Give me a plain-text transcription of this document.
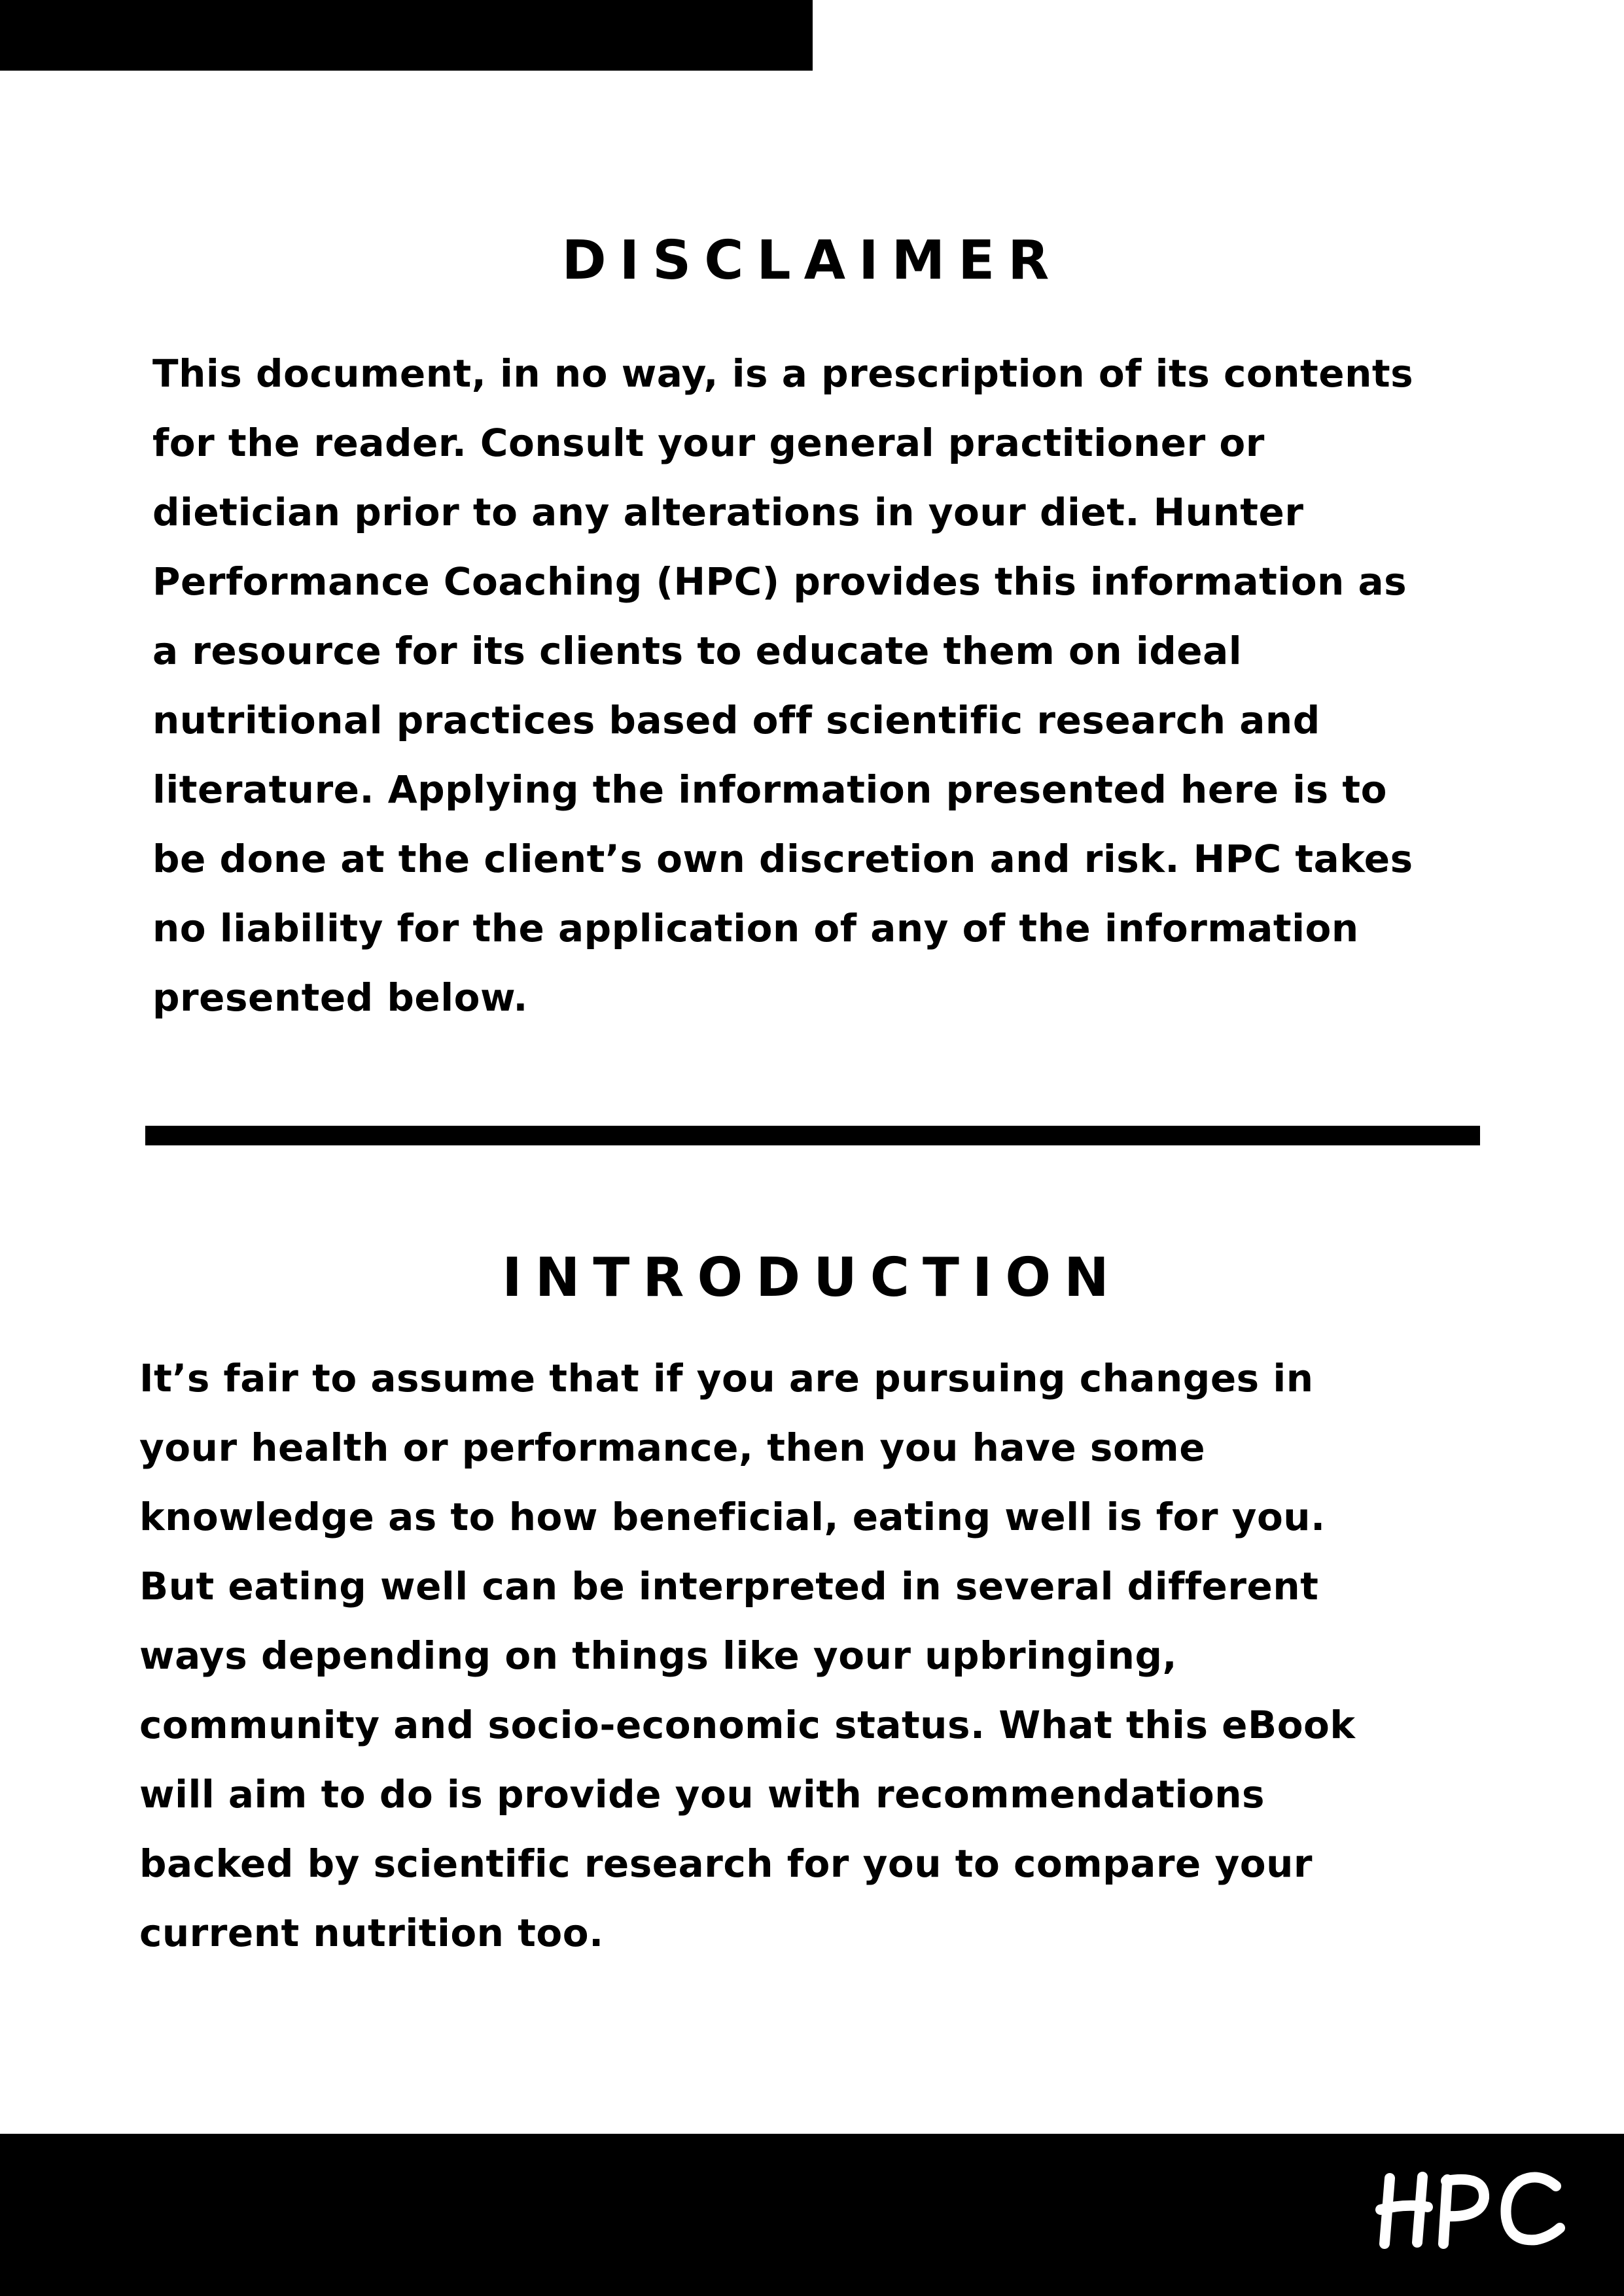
DISCLAIMER

This document, in no way, is a prescription of its contents
for the reader. Consult your general practitioner or
dietician prior to any alterations in your diet. Hunter
Performance Coaching (HPC) provides this information as
a resource for its clients to educate them on ideal
nutritional practices based off scientific research and
literature. Applying the information presented here is to
be done at the client’s own discretion and risk. HPC takes
no liability for the application of any of the information
presented below.

INTRODUCTION

It’s fair to assume that if you are pursuing changes in
your health or performance, then you have some
knowledge as to how beneficial, eating well is for you.
But eating well can be interpreted in several different
ways depending on things like your upbringing,
community and socio-economic status. What this eBook
will aim to do is provide you with recommendations
backed by scientific research for you to compare your
current nutrition too.
